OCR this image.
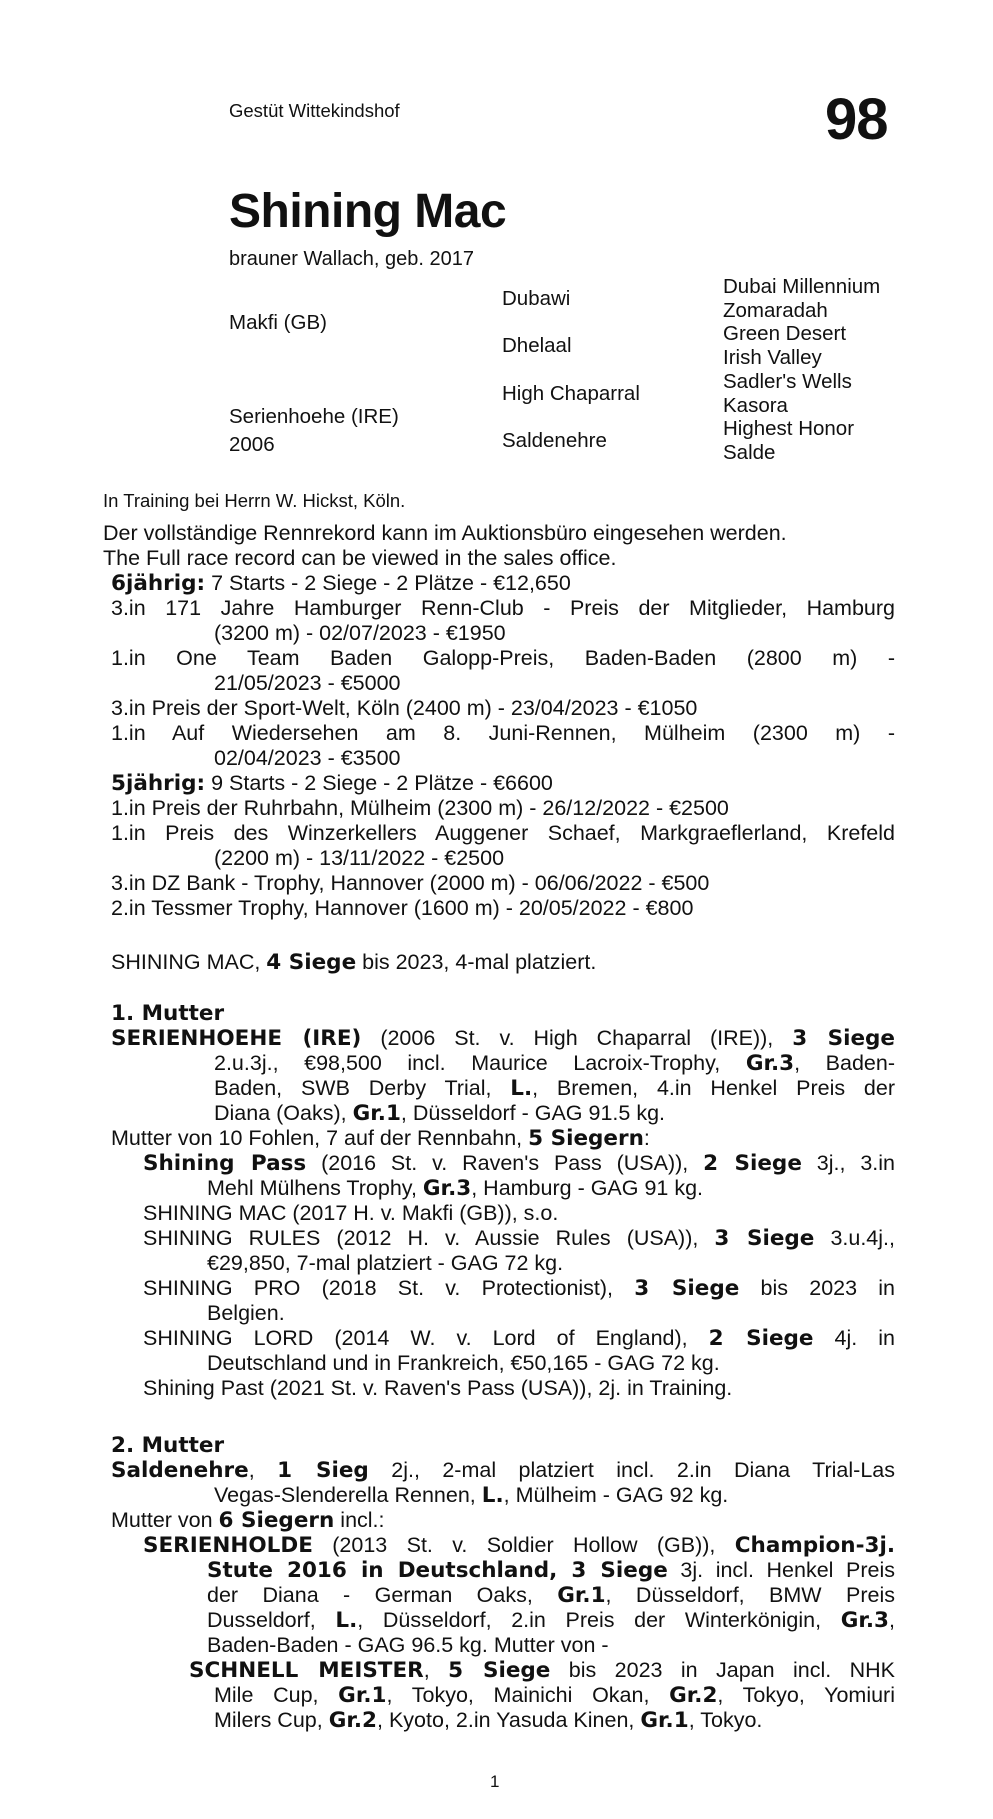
Gestüt Wittekindshof	98
Shining Mac
brauner Wallach, geb. 2017
Makfi (GB)
Serienhoehe (IRE)
2006
Dubawi
Dhelaal
High Chaparral
Saldenehre
Dubai Millennium
Zomaradah
Green Desert
Irish Valley
Sadler's Wells
Kasora
Highest Honor
Salde
In Training bei Herrn W. Hickst, Köln.
Der vollständige Rennrekord kann im Auktionsbüro eingesehen werden.
The Full race record can be viewed in the sales office.
6jährig: 7 Starts - 2 Siege - 2 Plätze - €12,650
3.in 171 Jahre Hamburger Renn-Club - Preis der Mitglieder, Hamburg
(3200 m) - 02/07/2023 - €1950
1.in One Team Baden Galopp-Preis, Baden-Baden (2800 m) -
21/05/2023 - €5000
3.in Preis der Sport-Welt, Köln (2400 m) - 23/04/2023 - €1050
1.in Auf Wiedersehen am 8. Juni-Rennen, Mülheim (2300 m) -
02/04/2023 - €3500
5jährig: 9 Starts - 2 Siege - 2 Plätze - €6600
1.in Preis der Ruhrbahn, Mülheim (2300 m) - 26/12/2022 - €2500
1.in Preis des Winzerkellers Auggener Schaef, Markgraeflerland, Krefeld
(2200 m) - 13/11/2022 - €2500
3.in DZ Bank - Trophy, Hannover (2000 m) - 06/06/2022 - €500
2.in Tessmer Trophy, Hannover (1600 m) - 20/05/2022 - €800
SHINING MAC, 4 Siege bis 2023, 4-mal platziert.
1. Mutter
SERIENHOEHE (IRE) (2006 St. v. High Chaparral (IRE)), 3 Siege
2.u.3j., €98,500 incl. Maurice Lacroix-Trophy, Gr.3, Baden-
Baden, SWB Derby Trial, L., Bremen, 4.in Henkel Preis der
Diana (Oaks), Gr.1, Düsseldorf - GAG 91.5 kg.
Mutter von 10 Fohlen, 7 auf der Rennbahn, 5 Siegern:
Shining Pass (2016 St. v. Raven's Pass (USA)), 2 Siege 3j., 3.in
Mehl Mülhens Trophy, Gr.3, Hamburg - GAG 91 kg.
SHINING MAC (2017 H. v. Makfi (GB)), s.o.
SHINING RULES (2012 H. v. Aussie Rules (USA)), 3 Siege 3.u.4j.,
€29,850, 7-mal platziert - GAG 72 kg.
SHINING PRO (2018 St. v. Protectionist), 3 Siege bis 2023 in
Belgien.
SHINING LORD (2014 W. v. Lord of England), 2 Siege 4j. in
Deutschland und in Frankreich, €50,165 - GAG 72 kg.
Shining Past (2021 St. v. Raven's Pass (USA)), 2j. in Training.
2. Mutter
Saldenehre, 1 Sieg 2j., 2-mal platziert incl. 2.in Diana Trial-Las
Vegas-Slenderella Rennen, L., Mülheim - GAG 92 kg.
Mutter von 6 Siegern incl.:
SERIENHOLDE (2013 St. v. Soldier Hollow (GB)), Champion-3j.
Stute 2016 in Deutschland, 3 Siege 3j. incl. Henkel Preis
der Diana - German Oaks, Gr.1, Düsseldorf, BMW Preis
Dusseldorf, L., Düsseldorf, 2.in Preis der Winterkönigin, Gr.3,
Baden-Baden - GAG 96.5 kg. Mutter von -
SCHNELL MEISTER, 5 Siege bis 2023 in Japan incl. NHK
Mile Cup, Gr.1, Tokyo, Mainichi Okan, Gr.2, Tokyo, Yomiuri
Milers Cup, Gr.2, Kyoto, 2.in Yasuda Kinen, Gr.1, Tokyo.
1
